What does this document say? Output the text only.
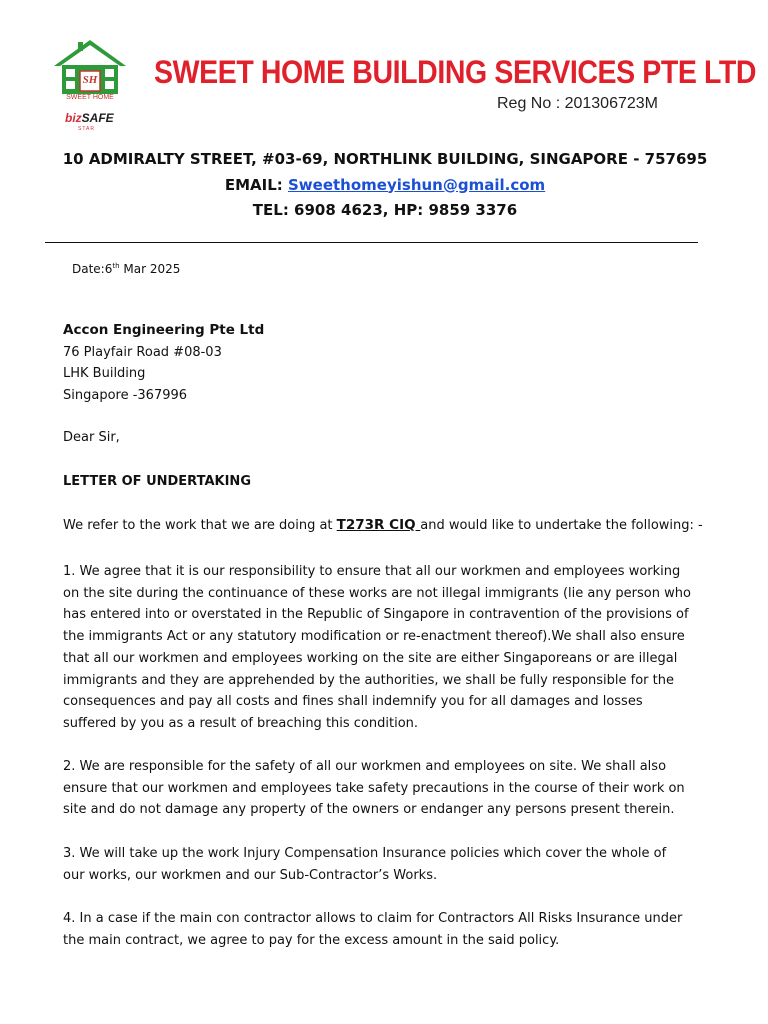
SH
SWEET HOME
bizSAFE
STAR
SWEET HOME BUILDING SERVICES PTE LTD
Reg No : 201306723M
10 ADMIRALTY STREET, #03-69, NORTHLINK BUILDING, SINGAPORE - 757695
EMAIL: Sweethomeyishun@gmail.com
TEL: 6908 4623, HP: 9859 3376
Date:6th Mar 2025
Accon Engineering Pte Ltd
76 Playfair Road #08-03
LHK Building
Singapore -367996
Dear Sir,
LETTER OF UNDERTAKING
We refer to the work that we are doing at T273R CIQ and would like to undertake the following: -
1. We agree that it is our responsibility to ensure that all our workmen and employees working on the site during the continuance of these works are not illegal immigrants (lie any person who has entered into or overstated in the Republic of Singapore in contravention of the provisions of the immigrants Act or any statutory modification or re-enactment thereof).We shall also ensure that all our workmen and employees working on the site are either Singaporeans or are illegal immigrants and they are apprehended by the authorities, we shall be fully responsible for the consequences and pay all costs and fines shall indemnify you for all damages and losses suffered by you as a result of breaching this condition.
2. We are responsible for the safety of all our workmen and employees on site. We shall also ensure that our workmen and employees take safety precautions in the course of their work on site and do not damage any property of the owners or endanger any persons present therein.
3. We will take up the work Injury Compensation Insurance policies which cover the whole of our works, our workmen and our Sub-Contractor’s Works.
4. In a case if the main con contractor allows to claim for Contractors All Risks Insurance under the main contract, we agree to pay for the excess amount in the said policy.
